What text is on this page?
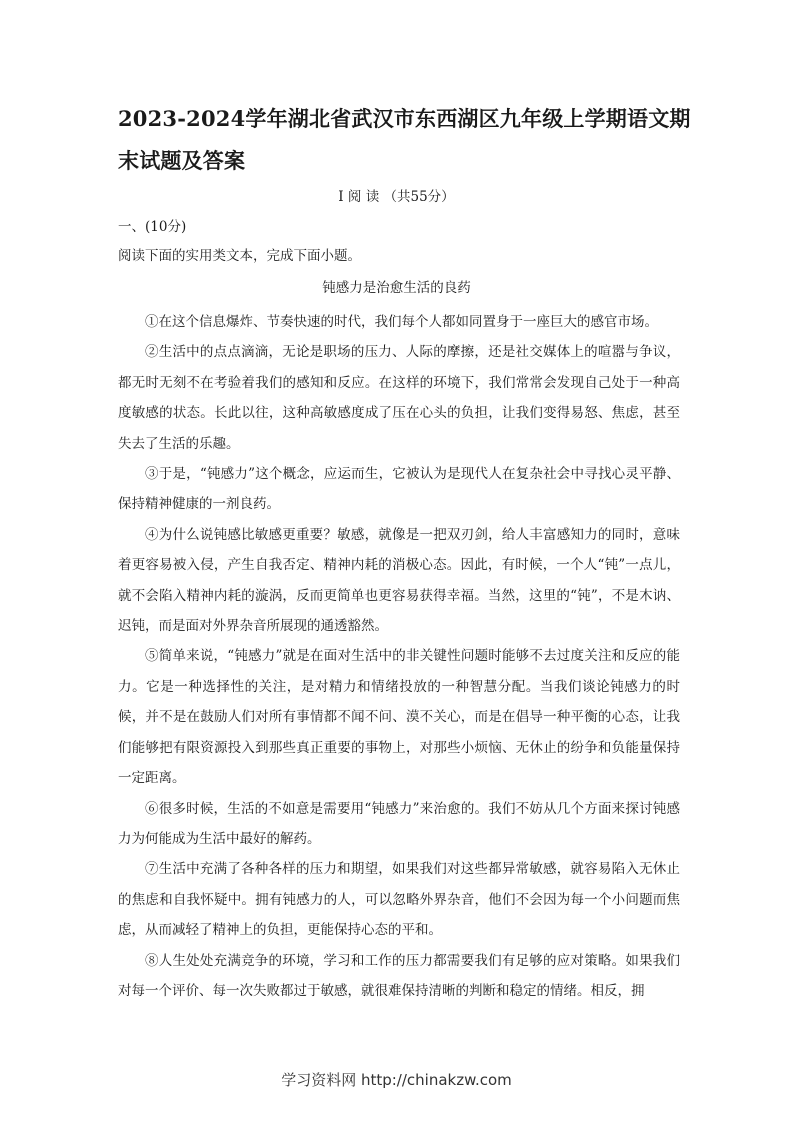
2023-2024学年湖北省武汉市东西湖区九年级上学期语文期末试题及答案
I 阅 读 （共55分）
一、(10分)
阅读下面的实用类文本，完成下面小题。
钝感力是治愈生活的良药

①在这个信息爆炸、节奏快速的时代，我们每个人都如同置身于一座巨大的感官市场。

②生活中的点点滴滴，无论是职场的压力、人际的摩擦，还是社交媒体上的喧嚣与争议，都无时无刻不在考验着我们的感知和反应。在这样的环境下，我们常常会发现自己处于一种高度敏感的状态。长此以往，这种高敏感度成了压在心头的负担，让我们变得易怒、焦虑，甚至失去了生活的乐趣。

③于是，“钝感力”这个概念，应运而生，它被认为是现代人在复杂社会中寻找心灵平静、保持精神健康的一剂良药。

④为什么说钝感比敏感更重要？敏感，就像是一把双刃剑，给人丰富感知力的同时，意味着更容易被入侵，产生自我否定、精神内耗的消极心态。因此，有时候，一个人“钝”一点儿，就不会陷入精神内耗的漩涡，反而更简单也更容易获得幸福。当然，这里的“钝”，不是木讷、迟钝，而是面对外界杂音所展现的通透豁然。

⑤简单来说，“钝感力”就是在面对生活中的非关键性问题时能够不去过度关注和反应的能力。它是一种选择性的关注，是对精力和情绪投放的一种智慧分配。当我们谈论钝感力的时候，并不是在鼓励人们对所有事情都不闻不问、漠不关心，而是在倡导一种平衡的心态，让我们能够把有限资源投入到那些真正重要的事物上，对那些小烦恼、无休止的纷争和负能量保持一定距离。

⑥很多时候，生活的不如意是需要用“钝感力”来治愈的。我们不妨从几个方面来探讨钝感力为何能成为生活中最好的解药。

⑦生活中充满了各种各样的压力和期望，如果我们对这些都异常敏感，就容易陷入无休止的焦虑和自我怀疑中。拥有钝感力的人，可以忽略外界杂音，他们不会因为每一个小问题而焦虑，从而减轻了精神上的负担，更能保持心态的平和。

⑧人生处处充满竞争的环境，学习和工作的压力都需要我们有足够的应对策略。如果我们对每一个评价、每一次失败都过于敏感，就很难保持清晰的判断和稳定的情绪。相反，拥

学习资料网 http://chinakzw.com
